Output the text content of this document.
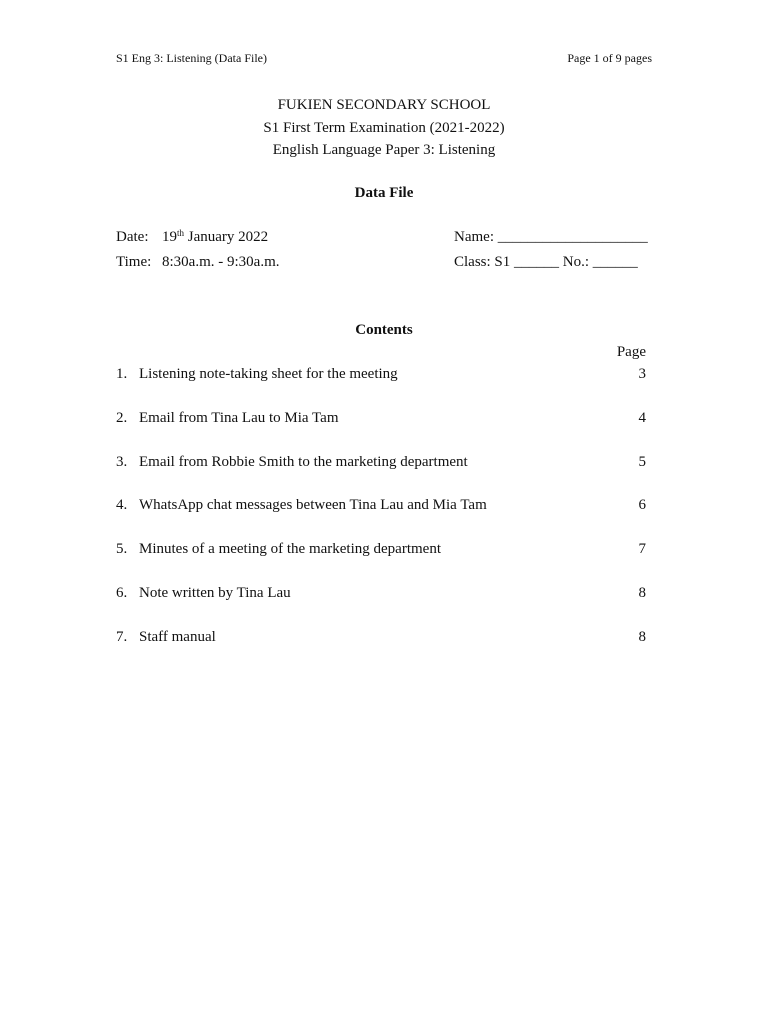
S1 Eng 3: Listening (Data File)	Page 1 of 9 pages
FUKIEN SECONDARY SCHOOL
S1 First Term Examination (2021-2022)
English Language Paper 3: Listening
Data File
Date: 19th January 2022	Name: ____________________
Time: 8:30a.m. - 9:30a.m.	Class: S1 ______ No.: ______
Contents
Page
1. Listening note-taking sheet for the meeting	3
2. Email from Tina Lau to Mia Tam	4
3. Email from Robbie Smith to the marketing department	5
4. WhatsApp chat messages between Tina Lau and Mia Tam	6
5. Minutes of a meeting of the marketing department	7
6. Note written by Tina Lau	8
7. Staff manual	8
